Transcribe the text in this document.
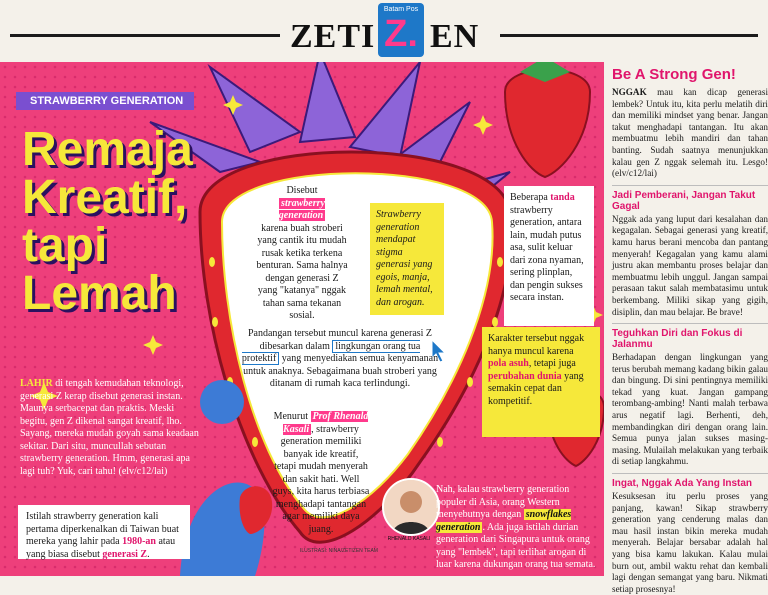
ZETI
Batam Pos
Z. EN
STRAWBERRY GENERATION
Remaja
Kreatif,
tapi
Lemah
LAHIR di tengah kemudahan teknologi, generasi Z kerap disebut generasi instan. Maunya serbacepat dan praktis. Meski begitu, gen Z dikenal sangat kreatif, lho. Sayang, mereka mudah goyah sama keadaan sekitar. Dari situ, muncullah sebutan strawberry generation. Hmm, generasi apa lagi tuh? Yuk, cari tahu! (elv/c12/lai)
Istilah strawberry generation kali pertama diperkenalkan di Taiwan buat mereka yang lahir pada 1980-an atau yang biasa disebut generasi Z.
Disebut
strawberry generation
karena buah stroberi yang cantik itu mudah rusak ketika terkena benturan. Sama halnya dengan generasi Z yang "katanya" nggak tahan sama tekanan sosial.
Strawberry generation mendapat stigma generasi yang egois, manja, lemah mental, dan arogan.
Beberapa tanda strawberry generation, antara lain, mudah putus asa, sulit keluar dari zona nyaman, sering plinplan, dan pengin sukses secara instan.
Pandangan tersebut muncul karena generasi Z dibesarkan dalam lingkungan orang tua protektif yang menyediakan semua kenyamanan untuk anaknya. Sebagaimana buah stroberi yang ditanam di rumah kaca terlindungi.
Karakter tersebut nggak hanya muncul karena pola asuh, tetapi juga perubahan dunia yang semakin cepat dan kompetitif.
Menurut Prof Rhenald Kasali , strawberry generation memiliki banyak ide kreatif, tetapi mudah menyerah dan sakit hati. Well guys, kita harus terbiasa menghadapi tantangan agar memiliki daya juang.
RHENALD KASALI
Nah, kalau strawberry generation populer di Asia, orang Western menyebutnya dengan snowflakes generation . Ada juga istilah durian generation dari Singapura untuk orang yang "lembek", tapi terlihat arogan di luar karena dukungan orang tua semata.
ILUSTRASI: NINA/ZETIZEN TEAM
Be A Strong Gen!
NGGAK mau kan dicap generasi lembek? Untuk itu, kita perlu melatih diri dan memiliki mindset yang benar. Jangan takut menghadapi tantangan. Itu akan membuatmu lebih mandiri dan tahan banting. Sudah saatnya menunjukkan kalau gen Z nggak selemah itu. Lesgo! (elv/c12/lai)
Jadi Pemberani, Jangan Takut Gagal
Nggak ada yang luput dari kesalahan dan kegagalan. Sebagai generasi yang kreatif, kamu harus berani mencoba dan pantang menyerah! Kegagalan yang kamu alami justru akan membantu proses belajar dan membuatmu lebih unggul. Jangan sampai perasaan takut salah membatasimu untuk berkembang. Miliki sikap yang gigih, disiplin, dan mau belajar. Be brave!
Teguhkan Diri dan Fokus di Jalanmu
Berhadapan dengan lingkungan yang terus berubah memang kadang bikin galau dan bingung. Di sini pentingnya memiliki tekad yang kuat. Jangan gampang terombang-ambing! Nanti malah terbawa arus negatif lagi. Berhenti, deh, membandingkan diri dengan orang lain. Semua punya jalan sukses masing-masing. Mulailah melakukan yang terbaik di setiap langkahmu.
Ingat, Nggak Ada Yang Instan
Kesuksesan itu perlu proses yang panjang, kawan! Sikap strawberry generation yang cenderung malas dan mau hasil instan bikin mereka mudah menyerah. Belajar bersabar adalah hal yang bisa kamu lakukan. Kalau mulai burn out, ambil waktu rehat dan kembali lagi dengan semangat yang baru. Nikmati setiap prosesnya!
